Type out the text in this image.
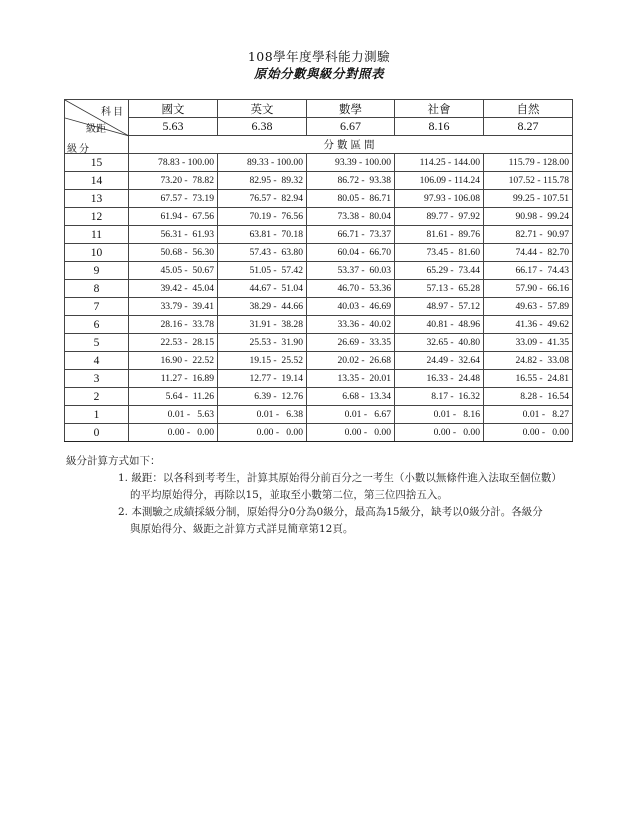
108學年度學科能力測驗
原始分數與級分對照表
科目
級距
級分	國文	英文	數學	社會	自然
	5.63	6.38	6.67	8.16	8.27
	分數區間				
15	78.83 - 100.00	89.33 - 100.00	93.39 - 100.00	114.25 - 144.00	115.79 - 128.00
14	73.20 -  78.82	82.95 -  89.32	86.72 -  93.38	106.09 - 114.24	107.52 - 115.78
13	67.57 -  73.19	76.57 -  82.94	80.05 -  86.71	97.93 - 106.08	99.25 - 107.51
12	61.94 -  67.56	70.19 -  76.56	73.38 -  80.04	89.77 -  97.92	90.98 -  99.24
11	56.31 -  61.93	63.81 -  70.18	66.71 -  73.37	81.61 -  89.76	82.71 -  90.97
10	50.68 -  56.30	57.43 -  63.80	60.04 -  66.70	73.45 -  81.60	74.44 -  82.70
9	45.05 -  50.67	51.05 -  57.42	53.37 -  60.03	65.29 -  73.44	66.17 -  74.43
8	39.42 -  45.04	44.67 -  51.04	46.70 -  53.36	57.13 -  65.28	57.90 -  66.16
7	33.79 -  39.41	38.29 -  44.66	40.03 -  46.69	48.97 -  57.12	49.63 -  57.89
6	28.16 -  33.78	31.91 -  38.28	33.36 -  40.02	40.81 -  48.96	41.36 -  49.62
5	22.53 -  28.15	25.53 -  31.90	26.69 -  33.35	32.65 -  40.80	33.09 -  41.35
4	16.90 -  22.52	19.15 -  25.52	20.02 -  26.68	24.49 -  32.64	24.82 -  33.08
3	11.27 -  16.89	12.77 -  19.14	13.35 -  20.01	16.33 -  24.48	16.55 -  24.81
2	5.64 -  11.26	6.39 -  12.76	6.68 -  13.34	8.17 -  16.32	8.28 -  16.54
1	0.01 -   5.63	0.01 -   6.38	0.01 -   6.67	0.01 -   8.16	0.01 -   8.27
0	0.00 -   0.00	0.00 -   0.00	0.00 -   0.00	0.00 -   0.00	0.00 -   0.00
級分計算方式如下：
1. 級距：以各科到考考生，計算其原始得分前百分之一考生（小數以無條件進入法取至個位數）
的平均原始得分，再除以15，並取至小數第二位，第三位四捨五入。
2. 本測驗之成績採級分制，原始得分0分為0級分，最高為15級分，缺考以0級分計。各級分
與原始得分、級距之計算方式詳見簡章第12頁。
